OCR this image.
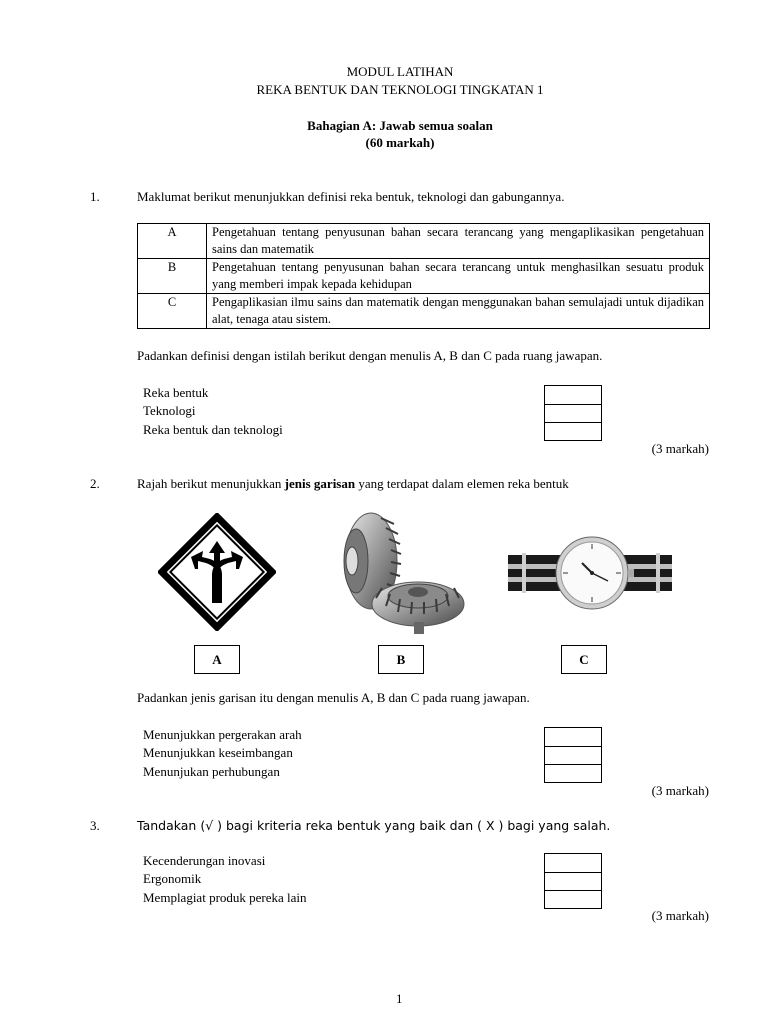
MODUL LATIHAN
REKA BENTUK DAN TEKNOLOGI TINGKATAN 1
Bahagian A: Jawab semua soalan
(60 markah)
1.	Maklumat berikut menunjukkan definisi reka bentuk, teknologi dan gabungannya.
A	Pengetahuan tentang penyusunan bahan secara terancang yang mengaplikasikan pengetahuan sains dan matematik
B	Pengetahuan tentang penyusunan bahan secara terancang untuk menghasilkan sesuatu produk yang memberi impak kepada kehidupan
C	Pengaplikasian ilmu sains dan matematik dengan menggunakan bahan semulajadi untuk dijadikan alat, tenaga atau sistem.
Padankan definisi dengan istilah berikut dengan menulis A, B dan C pada ruang jawapan.
Reka bentuk
Teknologi
Reka bentuk dan teknologi
(3 markah)
2.	Rajah berikut menunjukkan jenis garisan yang terdapat dalam elemen reka bentuk
A	B	C
Padankan jenis garisan itu dengan menulis A, B dan C pada ruang jawapan.
Menunjukkan pergerakan arah
Menunjukkan keseimbangan
Menunjukan perhubungan
(3 markah)
3.	Tandakan (√ ) bagi kriteria reka bentuk yang baik dan ( X ) bagi yang salah.
Kecenderungan inovasi
Ergonomik
Memplagiat produk pereka lain
(3 markah)
1
